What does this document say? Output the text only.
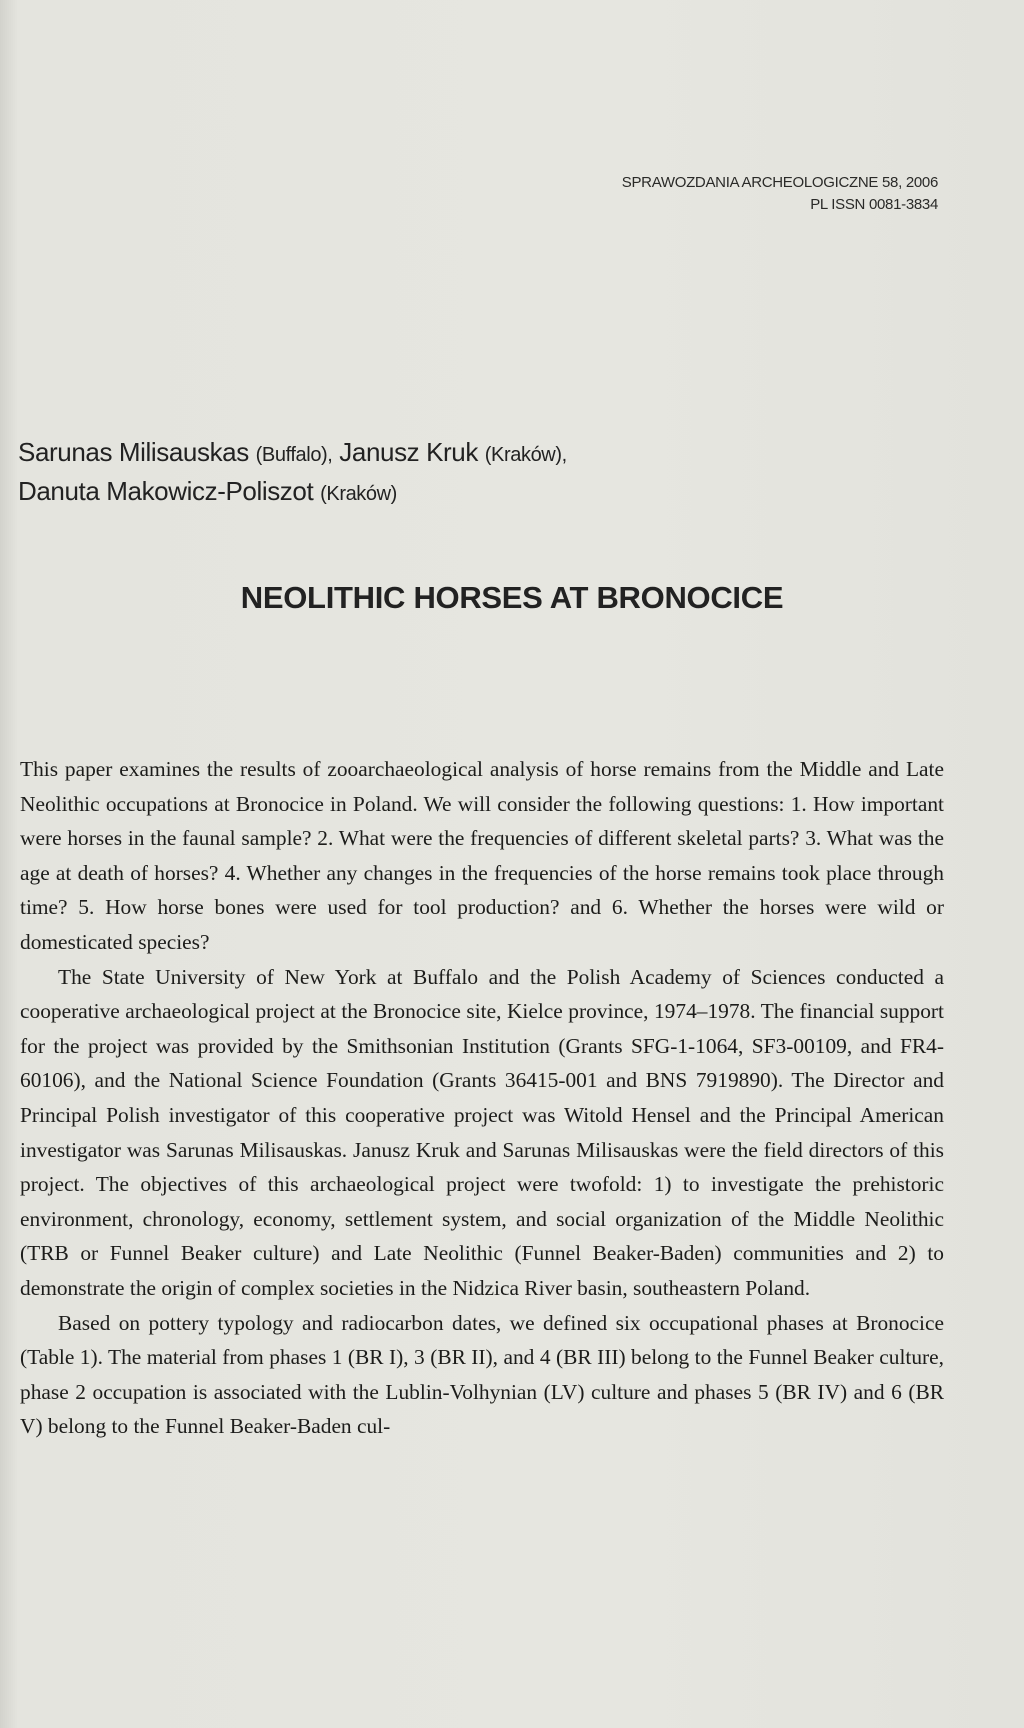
SPRAWOZDANIA ARCHEOLOGICZNE 58, 2006
PL ISSN 0081-3834
Sarunas Milisauskas (Buffalo), Janusz Kruk (Kraków),
Danuta Makowicz-Poliszot (Kraków)
NEOLITHIC HORSES AT BRONOCICE

This paper examines the results of zooarchaeological analysis of horse remains from the Middle and Late Neolithic occupations at Bronocice in Poland. We will consider the following questions: 1. How important were horses in the faunal sample? 2. What were the frequencies of different skeletal parts? 3. What was the age at death of horses? 4. Whether any changes in the frequencies of the horse remains took place through time? 5. How horse bones were used for tool production? and 6. Whether the horses were wild or domesticated species?

The State University of New York at Buffalo and the Polish Academy of Sciences conducted a cooperative archaeological project at the Bronocice site, Kielce province, 1974–1978. The financial support for the project was provided by the Smithsonian Institution (Grants SFG-1-1064, SF3-00109, and FR4-60106), and the National Science Foundation (Grants 36415-001 and BNS 7919890). The Director and Principal Polish investigator of this cooperative project was Witold Hensel and the Principal American investigator was Sarunas Milisauskas. Janusz Kruk and Sarunas Milisauskas were the field directors of this project. The objectives of this archaeological project were twofold: 1) to investigate the prehistoric environment, chronology, economy, settlement system, and social organization of the Middle Neolithic (TRB or Funnel Beaker culture) and Late Neolithic (Funnel Beaker-Baden) communities and 2) to demonstrate the origin of complex societies in the Nidzica River basin, southeastern Poland.

Based on pottery typology and radiocarbon dates, we defined six occupational phases at Bronocice (Table 1). The material from phases 1 (BR I), 3 (BR II), and 4 (BR III) belong to the Funnel Beaker culture, phase 2 occupation is associated with the Lublin-Volhynian (LV) culture and phases 5 (BR IV) and 6 (BR V) belong to the Funnel Beaker-Baden cul-
